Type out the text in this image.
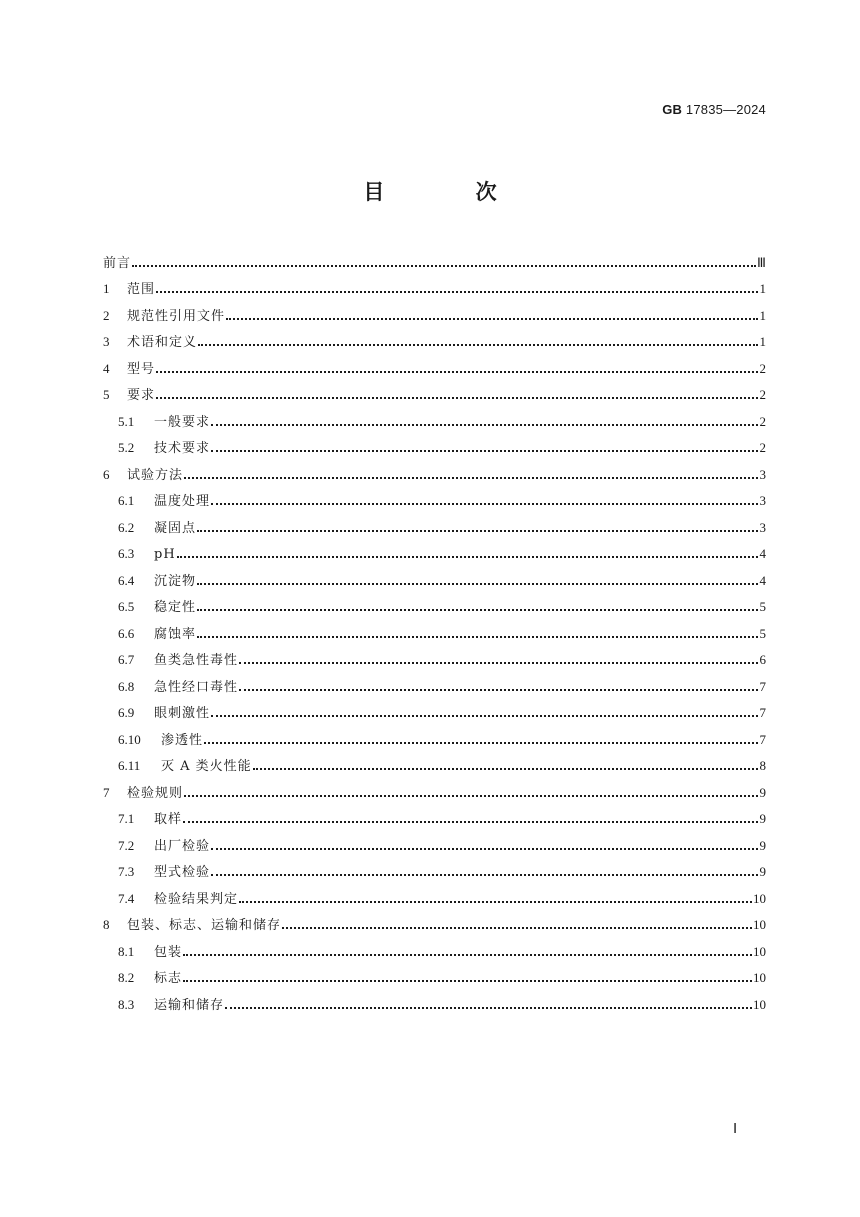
GB 17835—2024
目 次
前言	Ⅲ
1	范围	1
2	规范性引用文件	1
3	术语和定义	1
4	型号	2
5	要求	2
5.1	一般要求	2
5.2	技术要求	2
6	试验方法	3
6.1	温度处理	3
6.2	凝固点	3
6.3	pH	4
6.4	沉淀物	4
6.5	稳定性	5
6.6	腐蚀率	5
6.7	鱼类急性毒性	6
6.8	急性经口毒性	7
6.9	眼刺激性	7
6.10	渗透性	7
6.11	灭 A 类火性能	8
7	检验规则	9
7.1	取样	9
7.2	出厂检验	9
7.3	型式检验	9
7.4	检验结果判定	10
8	包装、标志、运输和储存	10
8.1	包装	10
8.2	标志	10
8.3	运输和储存	10
Ⅰ
